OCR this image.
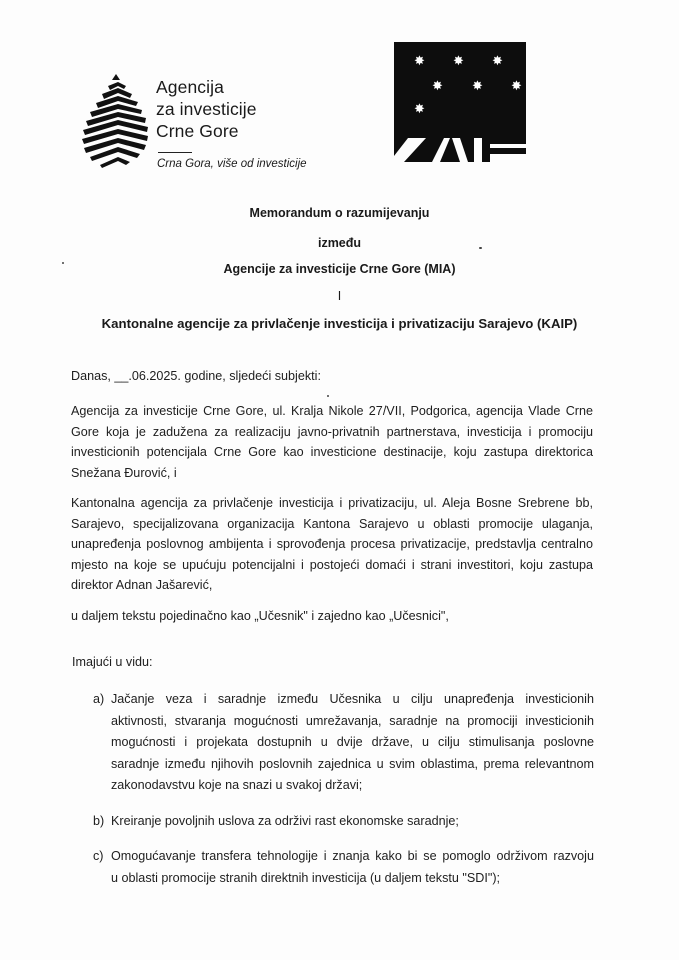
Agencija
za investicije
Crne Gore
Crna Gora, više od investicije
✸ ✸ ✸
✸ ✸ ✸
✸
Memorandum o razumijevanju
između
Agencije za investicije Crne Gore (MIA)
I
Kantonalne agencije za privlačenje investicija i privatizaciju Sarajevo (KAIP)
Danas, __.06.2025. godine, sljedeći subjekti:
Agencija za investicije Crne Gore, ul. Kralja Nikole 27/VII, Podgorica, agencija Vlade Crne
Gore koja je zadužena za realizaciju javno-privatnih partnerstava, investicija i promociju
investicionih potencijala Crne Gore kao investicione destinacije, koju zastupa direktorica
Snežana Đurović, i
Kantonalna agencija za privlačenje investicija i privatizaciju, ul. Aleja Bosne Srebrene bb,
Sarajevo, specijalizovana organizacija Kantona Sarajevo u oblasti promocije ulaganja,
unapređenja poslovnog ambijenta i sprovođenja procesa privatizacije, predstavlja centralno
mjesto na koje se upućuju potencijalni i postojeći domaći i strani investitori, koju zastupa
direktor Adnan Jašarević,
u daljem tekstu pojedinačno kao „Učesnik" i zajedno kao „Učesnici",
Imajući u vidu:
a) Jačanje veza i saradnje između Učesnika u cilju unapređenja investicionih
aktivnosti, stvaranja mogućnosti umrežavanja, saradnje na promociji investicionih
mogućnosti i projekata dostupnih u dvije države, u cilju stimulisanja poslovne
saradnje između njihovih poslovnih zajednica u svim oblastima, prema relevantnom
zakonodavstvu koje na snazi u svakoj državi;
b) Kreiranje povoljnih uslova za održivi rast ekonomske saradnje;
c) Omogućavanje transfera tehnologije i znanja kako bi se pomoglo održivom razvoju
u oblasti promocije stranih direktnih investicija (u daljem tekstu "SDI");
